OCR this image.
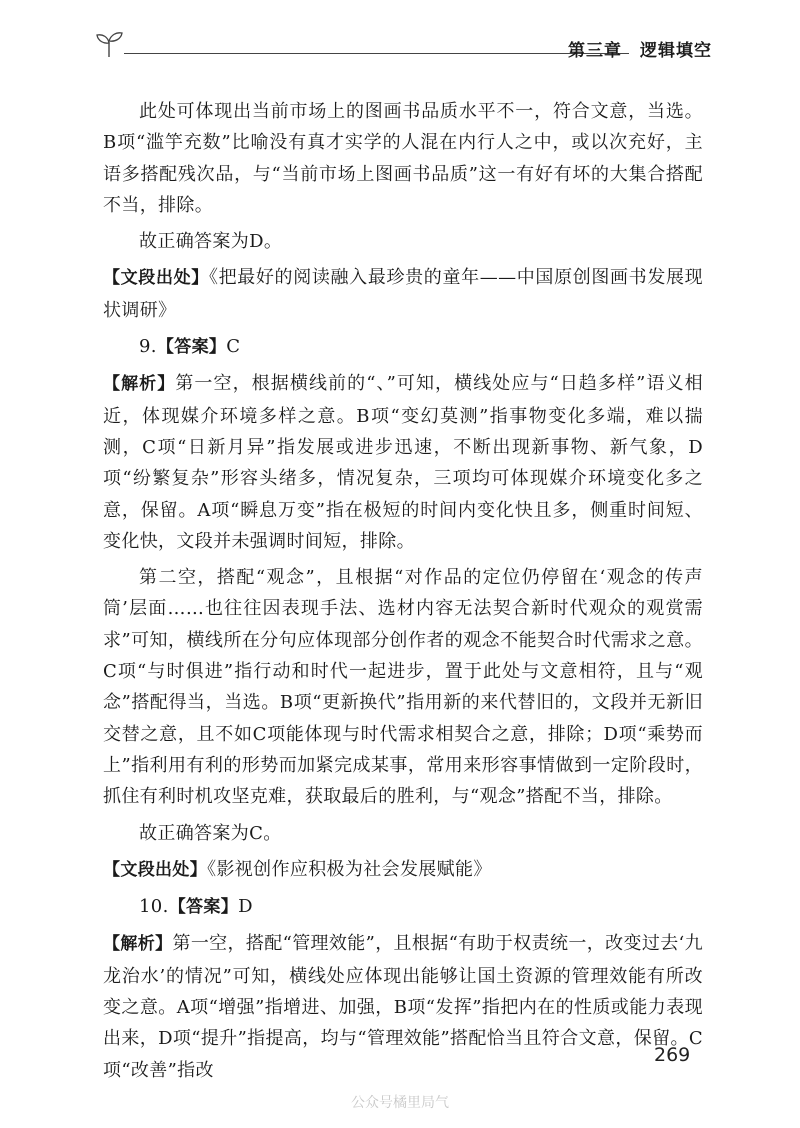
第三章　逻辑填空

此处可体现出当前市场上的图画书品质水平不一，符合文意，当选。B项“滥竽充数”比喻没有真才实学的人混在内行人之中，或以次充好，主语多搭配残次品，与“当前市场上图画书品质”这一有好有坏的大集合搭配不当，排除。

故正确答案为D。

【文段出处】《把最好的阅读融入最珍贵的童年——中国原创图画书发展现状调研》

9.【答案】C

【解析】第一空，根据横线前的“、”可知，横线处应与“日趋多样”语义相近，体现媒介环境多样之意。B项“变幻莫测”指事物变化多端，难以揣测，C项“日新月异”指发展或进步迅速，不断出现新事物、新气象，D项“纷繁复杂”形容头绪多，情况复杂，三项均可体现媒介环境变化多之意，保留。A项“瞬息万变”指在极短的时间内变化快且多，侧重时间短、变化快，文段并未强调时间短，排除。

第二空，搭配“观念”，且根据“对作品的定位仍停留在‘观念的传声筒’层面……也往往因表现手法、选材内容无法契合新时代观众的观赏需求”可知，横线所在分句应体现部分创作者的观念不能契合时代需求之意。C项“与时俱进”指行动和时代一起进步，置于此处与文意相符，且与“观念”搭配得当，当选。B项“更新换代”指用新的来代替旧的，文段并无新旧交替之意，且不如C项能体现与时代需求相契合之意，排除；D项“乘势而上”指利用有利的形势而加紧完成某事，常用来形容事情做到一定阶段时，抓住有利时机攻坚克难，获取最后的胜利，与“观念”搭配不当，排除。

故正确答案为C。

【文段出处】《影视创作应积极为社会发展赋能》

10.【答案】D

【解析】第一空，搭配“管理效能”，且根据“有助于权责统一，改变过去‘九龙治水’的情况”可知，横线处应体现出能够让国土资源的管理效能有所改变之意。A项“增强”指增进、加强，B项“发挥”指把内在的性质或能力表现出来，D项“提升”指提高，均与“管理效能”搭配恰当且符合文意，保留。C项“改善”指改

269
公众号橘里局气
